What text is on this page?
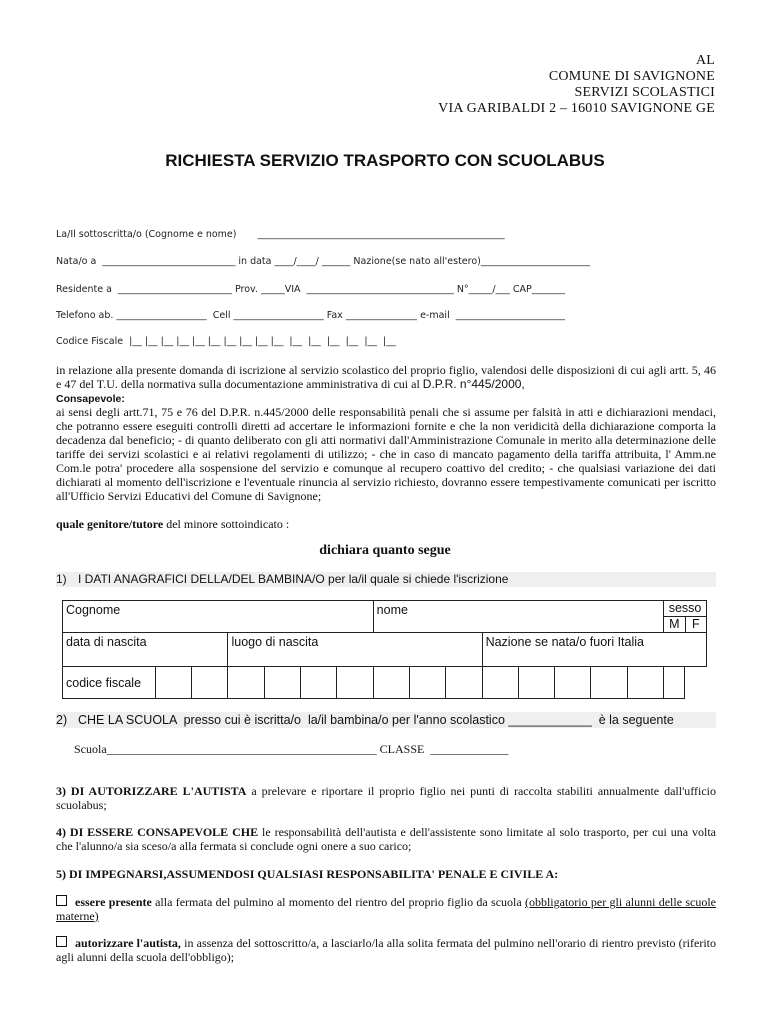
AL
COMUNE DI SAVIGNONE
SERVIZI SCOLASTICI
VIA GARIBALDI 2 – 16010 SAVIGNONE GE
RICHIESTA SERVIZIO TRASPORTO CON SCUOLABUS
La/Il sottoscritta/o (Cognome e nome)       ____________________________________________________
Nata/o a  ____________________________ in data ____/____/ ______ Nazione(se nato all'estero)_______________________
Residente a  ________________________ Prov. _____VIA  _______________________________ N°_____/___ CAP_______
Telefono ab. ___________________  Cell ___________________ Fax _______________ e-mail  _______________________
Codice Fiscale  |__ |__ |__ |__ |__ |__ |__ |__ |__ |__  |__  |__  |__  |__  |__  |__
in relazione alla presente domanda di iscrizione al servizio scolastico del proprio figlio, valendosi delle disposizioni di cui agli artt. 5, 46 e 47 del T.U. della normativa sulla documentazione amministrativa di cui al D.P.R. n°445/2000,
Consapevole:
ai sensi degli artt.71, 75 e 76 del D.P.R. n.445/2000 delle responsabilità penali che si assume per falsità in atti e dichiarazioni mendaci, che potranno essere eseguiti controlli diretti ad accertare le informazioni fornite e che la non veridicità della dichiarazione comporta la decadenza dal beneficio; - di quanto deliberato con gli atti normativi dall'Amministrazione Comunale in merito alla determinazione delle tariffe dei servizi scolastici e ai relativi regolamenti di utilizzo; - che in caso di mancato pagamento della tariffa attribuita, l' Amm.ne Com.le potra' procedere alla sospensione del servizio e comunque al recupero coattivo del credito; - che qualsiasi variazione dei dati dichiarati al momento dell'iscrizione e l'eventuale rinuncia al servizio richiesto, dovranno essere tempestivamente comunicati per iscritto all'Ufficio Servizi Educativi del Comune di Savignone;
quale genitore/tutore del minore sottoindicato :
dichiara quanto segue
1) I DATI ANAGRAFICI DELLA/DEL BAMBINA/O per la/il quale si chiede l'iscrizione
Cognome									nome								sesso
M F	

data di nascita					luogo di nascita							Nazione se nata/o fuori Italia						
codice fiscale																		

2) CHE LA SCUOLA  presso cui è iscritta/o  la/il bambina/o per l'anno scolastico ____________  è la seguente
Scuola_____________________________________________ CLASSE  _____________
3) DI AUTORIZZARE L'AUTISTA a prelevare e riportare il proprio figlio nei punti di raccolta stabiliti annualmente dall'ufficio scuolabus;
4) DI ESSERE CONSAPEVOLE CHE le responsabilità dell'autista e dell'assistente sono limitate al solo trasporto, per cui una volta che l'alunno/a sia sceso/a alla fermata si conclude ogni onere a suo carico;
5) DI IMPEGNARSI,ASSUMENDOSI QUALSIASI RESPONSABILITA' PENALE E CIVILE A:
essere presente alla fermata del pulmino al momento del rientro del proprio figlio da scuola (obbligatorio per gli alunni delle scuole materne)
autorizzare l'autista, in assenza del sottoscritto/a, a lasciarlo/la alla solita fermata del pulmino nell'orario di rientro previsto (riferito agli alunni della scuola dell'obbligo);
